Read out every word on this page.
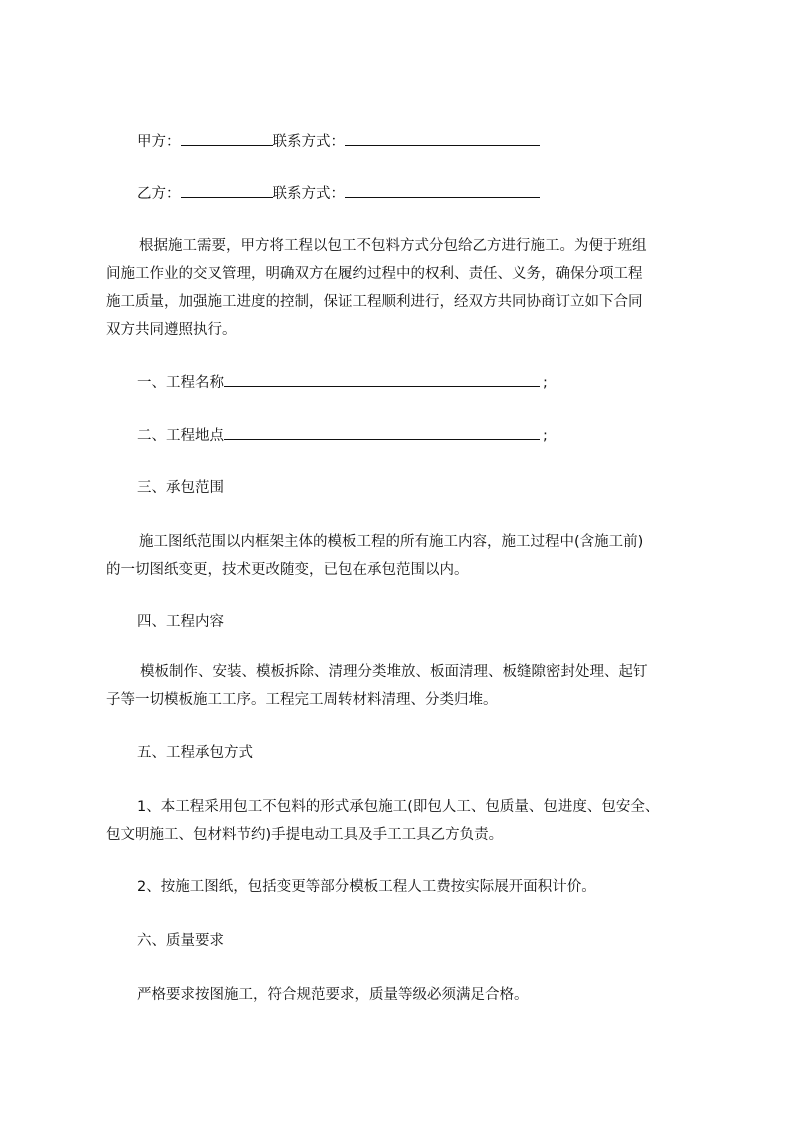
甲方：	联系方式：
乙方：	联系方式：

根据施工需要，甲方将工程以包工不包料方式分包给乙方进行施工。为便于班组

间施工作业的交叉管理，明确双方在履约过程中的权利、责任、义务，确保分项工程

施工质量，加强施工进度的控制，保证工程顺利进行，经双方共同协商订立如下合同

双方共同遵照执行。

一、工程名称	;
二、工程地点	;

三、承包范围

施工图纸范围以内框架主体的模板工程的所有施工内容，施工过程中(含施工前)

的一切图纸变更，技术更改随变，已包在承包范围以内。

四、工程内容

模板制作、安装、模板拆除、清理分类堆放、板面清理、板缝隙密封处理、起钉

子等一切模板施工工序。工程完工周转材料清理、分类归堆。

五、工程承包方式

1、本工程采用包工不包料的形式承包施工(即包人工、包质量、包进度、包安全、

包文明施工、包材料节约)手提电动工具及手工工具乙方负责。

2、按施工图纸，包括变更等部分模板工程人工费按实际展开面积计价。

六、质量要求

严格要求按图施工，符合规范要求，质量等级必须满足合格。
